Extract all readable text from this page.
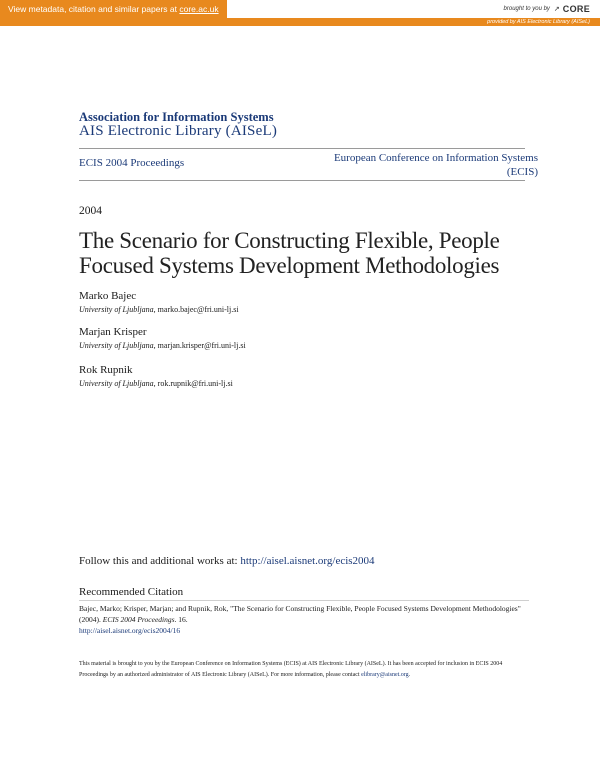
View metadata, citation and similar papers at core.ac.uk	brought to you by ↗ CORE
provided by AIS Electronic Library (AISeL)
Association for Information Systems
AIS Electronic Library (AISeL)
ECIS 2004 Proceedings	European Conference on Information Systems
(ECIS)
2004
The Scenario for Constructing Flexible, People
Focused Systems Development Methodologies
Marko Bajec
University of Ljubljana, marko.bajec@fri.uni-lj.si
Marjan Krisper
University of Ljubljana, marjan.krisper@fri.uni-lj.si
Rok Rupnik
University of Ljubljana, rok.rupnik@fri.uni-lj.si
Follow this and additional works at: http://aisel.aisnet.org/ecis2004
Recommended Citation
Bajec, Marko; Krisper, Marjan; and Rupnik, Rok, "The Scenario for Constructing Flexible, People Focused Systems Development Methodologies" (2004). ECIS 2004 Proceedings. 16.
http://aisel.aisnet.org/ecis2004/16
This material is brought to you by the European Conference on Information Systems (ECIS) at AIS Electronic Library (AISeL). It has been accepted for inclusion in ECIS 2004 Proceedings by an authorized administrator of AIS Electronic Library (AISeL). For more information, please contact elibrary@aisnet.org.
